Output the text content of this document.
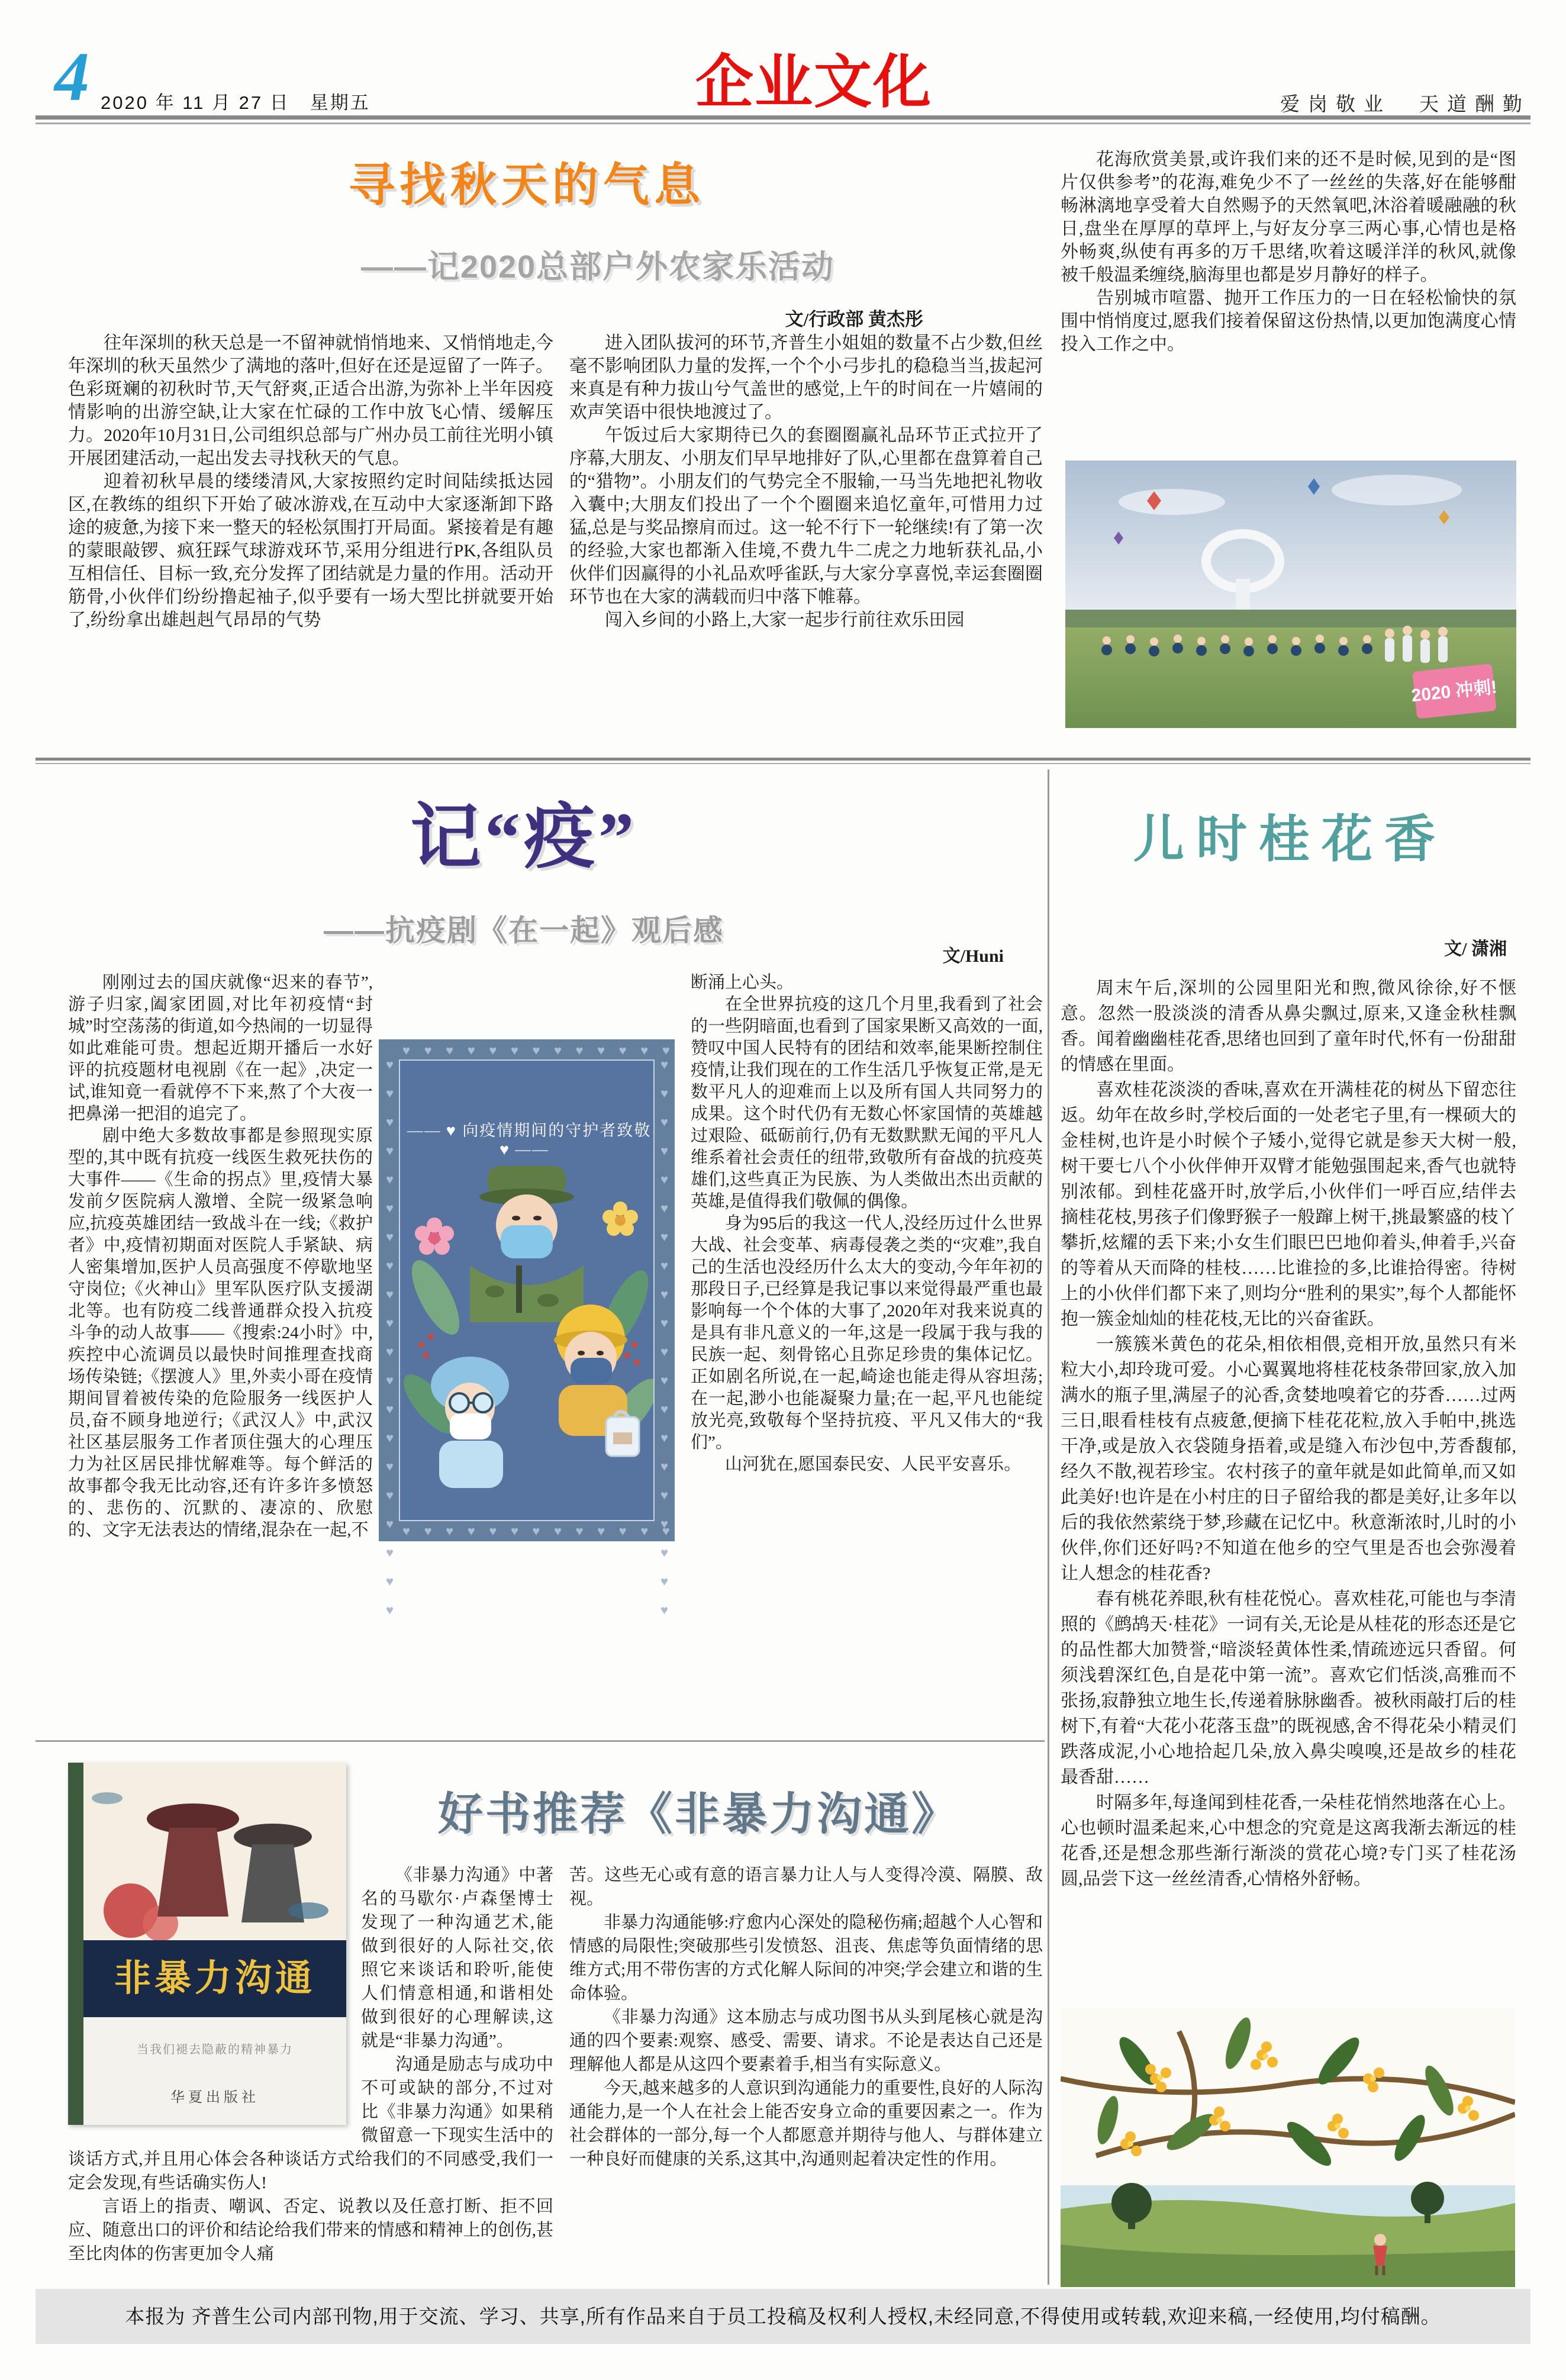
4 2020 年 11 月 27 日　星期五	企业文化	爱岗敬业　天道酬勤
寻找秋天的气息
——记2020总部户外农家乐活动
文/行政部 黄杰彤

往年深圳的秋天总是一不留神就悄悄地来、又悄悄地走,今年深圳的秋天虽然少了满地的落叶,但好在还是逗留了一阵子。色彩斑斓的初秋时节,天气舒爽,正适合出游,为弥补上半年因疫情影响的出游空缺,让大家在忙碌的工作中放飞心情、缓解压力。2020年10月31日,公司组织总部与广州办员工前往光明小镇开展团建活动,一起出发去寻找秋天的气息。

迎着初秋早晨的缕缕清风,大家按照约定时间陆续抵达园区,在教练的组织下开始了破冰游戏,在互动中大家逐渐卸下路途的疲惫,为接下来一整天的轻松氛围打开局面。紧接着是有趣的蒙眼敲锣、疯狂踩气球游戏环节,采用分组进行PK,各组队员互相信任、目标一致,充分发挥了团结就是力量的作用。活动开筋骨,小伙伴们纷纷撸起袖子,似乎要有一场大型比拼就要开始了,纷纷拿出雄赳赳气昂昂的气势

进入团队拔河的环节,齐普生小姐姐的数量不占少数,但丝毫不影响团队力量的发挥,一个个小弓步扎的稳稳当当,拔起河来真是有种力拔山兮气盖世的感觉,上午的时间在一片嬉闹的欢声笑语中很快地渡过了。

午饭过后大家期待已久的套圈圈赢礼品环节正式拉开了序幕,大朋友、小朋友们早早地排好了队,心里都在盘算着自己的“猎物”。小朋友们的气势完全不服输,一马当先地把礼物收入囊中;大朋友们投出了一个个圈圈来追忆童年,可惜用力过猛,总是与奖品擦肩而过。这一轮不行下一轮继续!有了第一次的经验,大家也都渐入佳境,不费九牛二虎之力地斩获礼品,小伙伴们因赢得的小礼品欢呼雀跃,与大家分享喜悦,幸运套圈圈环节也在大家的满载而归中落下帷幕。

闯入乡间的小路上,大家一起步行前往欢乐田园

花海欣赏美景,或许我们来的还不是时候,见到的是“图片仅供参考”的花海,难免少不了一丝丝的失落,好在能够酣畅淋漓地享受着大自然赐予的天然氧吧,沐浴着暖融融的秋日,盘坐在厚厚的草坪上,与好友分享三两心事,心情也是格外畅爽,纵使有再多的万千思绪,吹着这暖洋洋的秋风,就像被千般温柔缠绕,脑海里也都是岁月静好的样子。

告别城市喧嚣、抛开工作压力的一日在轻松愉快的氛围中悄悄度过,愿我们接着保留这份热情,以更加饱满度心情投入工作之中。

2020 冲刺!
记“疫”
——抗疫剧《在一起》观后感
文/Huni

刚刚过去的国庆就像“迟来的春节”,游子归家,阖家团圆,对比年初疫情“封城”时空荡荡的街道,如今热闹的一切显得如此难能可贵。想起近期开播后一水好评的抗疫题材电视剧《在一起》,决定一试,谁知竟一看就停不下来,熬了个大夜一把鼻涕一把泪的追完了。

剧中绝大多数故事都是参照现实原型的,其中既有抗疫一线医生救死扶伤的大事件——《生命的拐点》里,疫情大暴发前夕医院病人激增、全院一级紧急响应,抗疫英雄团结一致战斗在一线;《救护者》中,疫情初期面对医院人手紧缺、病人密集增加,医护人员高强度不停歇地坚守岗位;《火神山》里军队医疗队支援湖北等。也有防疫二线普通群众投入抗疫斗争的动人故事——《搜索:24小时》中,疾控中心流调员以最快时间推理查找商场传染链;《摆渡人》里,外卖小哥在疫情期间冒着被传染的危险服务一线医护人员,奋不顾身地逆行;《武汉人》中,武汉社区基层服务工作者顶住强大的心理压力为社区居民排忧解难等。每个鲜活的故事都令我无比动容,还有许多许多愤怒的、悲伤的、沉默的、凄凉的、欣慰的、文字无法表达的情绪,混杂在一起,不

断涌上心头。

在全世界抗疫的这几个月里,我看到了社会的一些阴暗面,也看到了国家果断又高效的一面,赞叹中国人民特有的团结和效率,能果断控制住疫情,让我们现在的工作生活几乎恢复正常,是无数平凡人的迎难而上以及所有国人共同努力的成果。这个时代仍有无数心怀家国情的英雄越过艰险、砥砺前行,仍有无数默默无闻的平凡人维系着社会责任的纽带,致敬所有奋战的抗疫英雄们,这些真正为民族、为人类做出杰出贡献的英雄,是值得我们敬佩的偶像。

身为95后的我这一代人,没经历过什么世界大战、社会变革、病毒侵袭之类的“灾难”,我自己的生活也没经历什么太大的变动,今年年初的那段日子,已经算是我记事以来觉得最严重也最影响每一个个体的大事了,2020年对我来说真的是具有非凡意义的一年,这是一段属于我与我的民族一起、刻骨铭心且弥足珍贵的集体记忆。正如剧名所说,在一起,崎途也能走得从容坦荡;在一起,渺小也能凝聚力量;在一起,平凡也能绽放光亮,致敬每个坚持抗疫、平凡又伟大的“我们”。

山河犹在,愿国泰民安、人民平安喜乐。

♥ ♥ ♥ ♥ ♥ ♥ ♥ ♥ ♥ ♥ ♥ ♥ ♥
♥ ♥ ♥ ♥ ♥ ♥ ♥ ♥ ♥ ♥ ♥ ♥ ♥
♥ ♥ ♥ ♥ ♥ ♥ ♥ ♥ ♥ ♥ ♥ ♥ ♥ ♥ ♥ ♥ ♥ ♥ ♥ ♥	♥ ♥ ♥ ♥ ♥ ♥ ♥ ♥ ♥ ♥ ♥ ♥ ♥ ♥ ♥ ♥ ♥ ♥ ♥ ♥
—— ♥ 向疫情期间的守护者致敬 ♥ ——
儿时桂花香
文/ 潇湘

周末午后,深圳的公园里阳光和煦,微风徐徐,好不惬意。忽然一股淡淡的清香从鼻尖飘过,原来,又逢金秋桂飘香。闻着幽幽桂花香,思绪也回到了童年时代,怀有一份甜甜的情感在里面。

喜欢桂花淡淡的香味,喜欢在开满桂花的树丛下留恋往返。幼年在故乡时,学校后面的一处老宅子里,有一棵硕大的金桂树,也许是小时候个子矮小,觉得它就是参天大树一般,树干要七八个小伙伴伸开双臂才能勉强围起来,香气也就特别浓郁。到桂花盛开时,放学后,小伙伴们一呼百应,结伴去摘桂花枝,男孩子们像野猴子一般蹿上树干,挑最繁盛的枝丫攀折,炫耀的丢下来;小女生们眼巴巴地仰着头,伸着手,兴奋的等着从天而降的桂枝……比谁捡的多,比谁拾得密。待树上的小伙伴们都下来了,则均分“胜利的果实”,每个人都能怀抱一簇金灿灿的桂花枝,无比的兴奋雀跃。

一簇簇米黄色的花朵,相依相偎,竞相开放,虽然只有米粒大小,却玲珑可爱。小心翼翼地将桂花枝条带回家,放入加满水的瓶子里,满屋子的沁香,贪婪地嗅着它的芬香……过两三日,眼看桂枝有点疲惫,便摘下桂花花粒,放入手帕中,挑选干净,或是放入衣袋随身捂着,或是缝入布沙包中,芳香馥郁,经久不散,视若珍宝。农村孩子的童年就是如此简单,而又如此美好!也许是在小村庄的日子留给我的都是美好,让多年以后的我依然萦绕于梦,珍藏在记忆中。秋意渐浓时,儿时的小伙伴,你们还好吗?不知道在他乡的空气里是否也会弥漫着让人想念的桂花香?

春有桃花养眼,秋有桂花悦心。喜欢桂花,可能也与李清照的《鹧鸪天·桂花》一词有关,无论是从桂花的形态还是它的品性都大加赞誉,“暗淡轻黄体性柔,情疏迹远只香留。何须浅碧深红色,自是花中第一流”。喜欢它们恬淡,高雅而不张扬,寂静独立地生长,传递着脉脉幽香。被秋雨敲打后的桂树下,有着“大花小花落玉盘”的既视感,舍不得花朵小精灵们跌落成泥,小心地拾起几朵,放入鼻尖嗅嗅,还是故乡的桂花最香甜……

时隔多年,每逢闻到桂花香,一朵桂花悄然地落在心上。心也顿时温柔起来,心中想念的究竟是这离我渐去渐远的桂花香,还是想念那些渐行渐淡的赏花心境?专门买了桂花汤圆,品尝下这一丝丝清香,心情格外舒畅。

非暴力沟通
当我们褪去隐蔽的精神暴力
华夏出版社
好书推荐《非暴力沟通》

《非暴力沟通》中著名的马歇尔·卢森堡博士发现了一种沟通艺术,能做到很好的人际社交,依照它来谈话和聆听,能使人们情意相通,和谐相处做到很好的心理解读,这就是“非暴力沟通”。

沟通是励志与成功中不可或缺的部分,不过对比《非暴力沟通》如果稍微留意一下现实生活中的谈话方式,并且用心体会各种谈话方式给我们的不同感受,我们一定会发现,有些话确实伤人!

言语上的指责、嘲讽、否定、说教以及任意打断、拒不回应、随意出口的评价和结论给我们带来的情感和精神上的创伤,甚至比肉体的伤害更加令人痛

苦。这些无心或有意的语言暴力让人与人变得冷漠、隔膜、敌视。

非暴力沟通能够:疗愈内心深处的隐秘伤痛;超越个人心智和情感的局限性;突破那些引发愤怒、沮丧、焦虑等负面情绪的思维方式;用不带伤害的方式化解人际间的冲突;学会建立和谐的生命体验。

《非暴力沟通》这本励志与成功图书从头到尾核心就是沟通的四个要素:观察、感受、需要、请求。不论是表达自己还是理解他人都是从这四个要素着手,相当有实际意义。

今天,越来越多的人意识到沟通能力的重要性,良好的人际沟通能力,是一个人在社会上能否安身立命的重要因素之一。作为社会群体的一部分,每一个人都愿意并期待与他人、与群体建立一种良好而健康的关系,这其中,沟通则起着决定性的作用。

本报为 齐普生公司内部刊物,用于交流、学习、共享,所有作品来自于员工投稿及权利人授权,未经同意,不得使用或转载,欢迎来稿,一经使用,均付稿酬。
